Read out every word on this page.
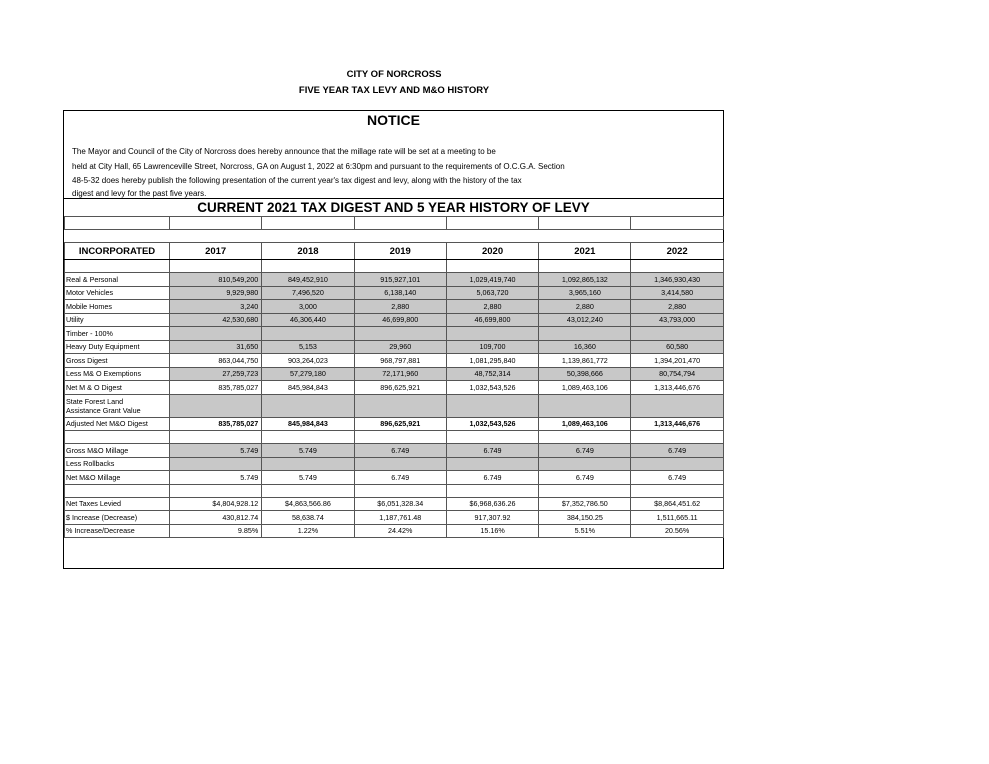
CITY OF NORCROSS
FIVE YEAR TAX LEVY AND M&O HISTORY
NOTICE
The Mayor and Council of the City of Norcross does hereby announce that the millage rate will be set at a meeting to be
held at City Hall, 65 Lawrenceville Street, Norcross, GA on August 1, 2022 at 6:30pm and pursuant to the requirements of O.C.G.A. Section
48-5-32 does hereby publish the following presentation of the current year's tax digest and levy, along with the history of the tax
digest and levy for the past five years.
CURRENT 2021 TAX DIGEST AND 5 YEAR HISTORY OF LEVY

INCORPORATED	2017	2018	2019	2020	2021	2022

Real & Personal	810,549,200	849,452,910	915,927,101	1,029,419,740	1,092,865,132	1,346,930,430
Motor Vehicles	9,929,980	7,496,520	6,138,140	5,063,720	3,965,160	3,414,580
Mobile Homes	3,240	3,000	2,880	2,880	2,880	2,880
Utility	42,530,680	46,306,440	46,699,800	46,699,800	43,012,240	43,793,000
Timber - 100%						
Heavy Duty Equipment	31,650	5,153	29,960	109,700	16,360	60,580
Gross Digest	863,044,750	903,264,023	968,797,881	1,081,295,840	1,139,861,772	1,394,201,470
Less M& O Exemptions	27,259,723	57,279,180	72,171,960	48,752,314	50,398,666	80,754,794
Net M & O Digest	835,785,027	845,984,843	896,625,921	1,032,543,526	1,089,463,106	1,313,446,676

State Forest Land
Assistance Grant Value						

Adjusted Net M&O Digest	835,785,027	845,984,843	896,625,921	1,032,543,526	1,089,463,106	1,313,446,676

Gross M&O Millage	5.749	5.749	6.749	6.749	6.749	6.749
Less Rollbacks						
Net M&O Millage	5.749	5.749	6.749	6.749	6.749	6.749

Net Taxes Levied	$4,804,928.12	$4,863,566.86	$6,051,328.34	$6,968,636.26	$7,352,786.50	$8,864,451.62
$ Increase (Decrease)	430,812.74	58,638.74	1,187,761.48	917,307.92	384,150.25	1,511,665.11
% Increase/Decrease	9.85%	1.22%	24.42%	15.16%	5.51%	20.56%
